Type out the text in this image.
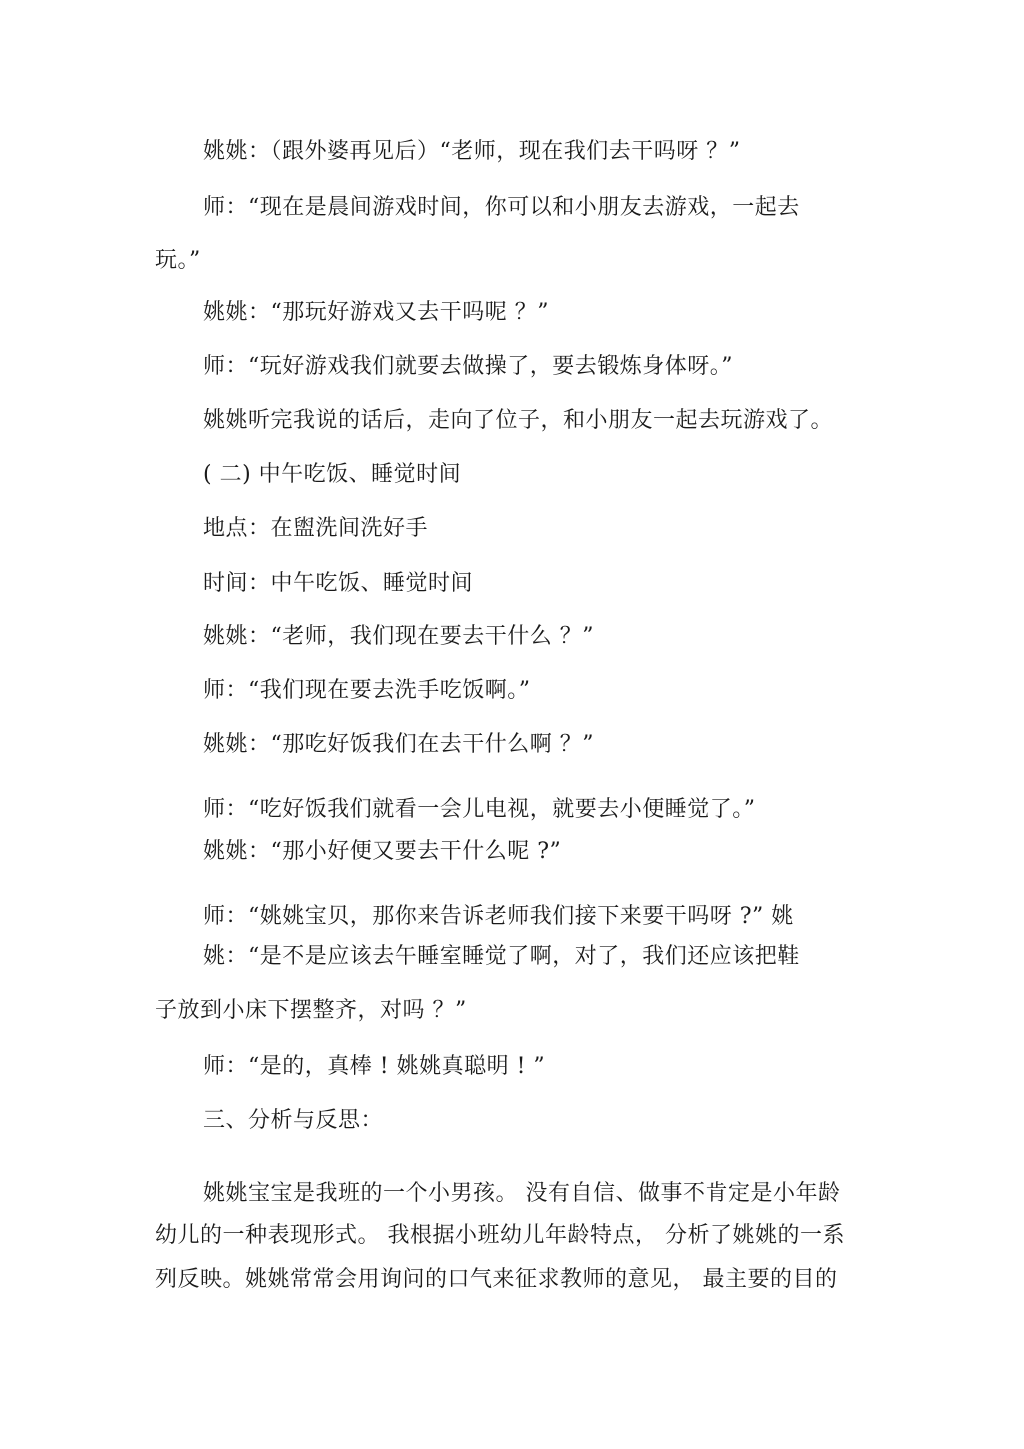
姚姚：（跟外婆再见后）“老师，现在我们去干吗呀 ？”
师：“现在是晨间游戏时间，你可以和小朋友去游戏，一起去
玩。”
姚姚：“那玩好游戏又去干吗呢 ？”
师：“玩好游戏我们就要去做操了，要去锻炼身体呀。”
姚姚听完我说的话后，走向了位子，和小朋友一起去玩游戏了。
( 二) 中午吃饭、睡觉时间
地点：在盥洗间洗好手
时间：中午吃饭、睡觉时间
姚姚：“老师，我们现在要去干什么 ？”
师：“我们现在要去洗手吃饭啊。”
姚姚：“那吃好饭我们在去干什么啊 ？”
师：“吃好饭我们就看一会儿电视，就要去小便睡觉了。”
姚姚：“那小好便又要去干什么呢 ?”
师：“姚姚宝贝，那你来告诉老师我们接下来要干吗呀 ?” 姚
姚：“是不是应该去午睡室睡觉了啊，对了，我们还应该把鞋
子放到小床下摆整齐，对吗 ？”
师：“是的，真棒 ! 姚姚真聪明 ! ”
三、分析与反思：
姚姚宝宝是我班的一个小男孩。 没有自信、做事不肯定是小年龄
幼儿的一种表现形式。 我根据小班幼儿年龄特点， 分析了姚姚的一系
列反映。姚姚常常会用询问的口气来征求教师的意见， 最主要的目的
